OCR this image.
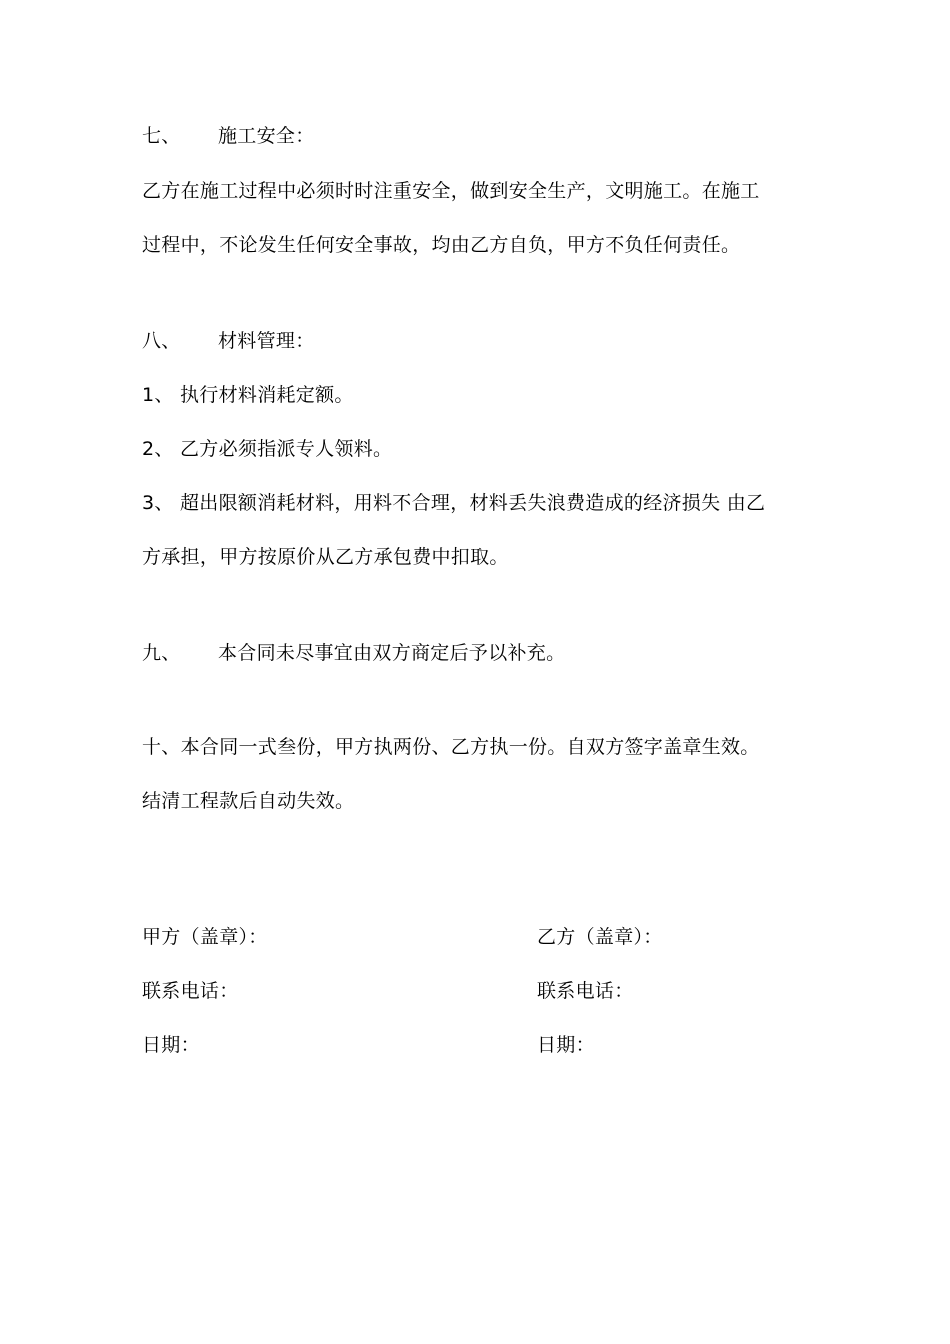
七、 施工安全：
乙方在施工过程中必须时时注重安全，做到安全生产，文明施工。在施工
过程中，不论发生任何安全事故，均由乙方自负，甲方不负任何责任。
八、 材料管理：
1、 执行材料消耗定额。
2、 乙方必须指派专人领料。
3、 超出限额消耗材料，用料不合理，材料丢失浪费造成的经济损失 由乙
方承担，甲方按原价从乙方承包费中扣取。
九、 本合同未尽事宜由双方商定后予以补充。
十、本合同一式叁份，甲方执两份、乙方执一份。自双方签字盖章生效。
结清工程款后自动失效。
甲方（盖章）：
联系电话：
日期：
乙方（盖章）：
联系电话：
日期：
